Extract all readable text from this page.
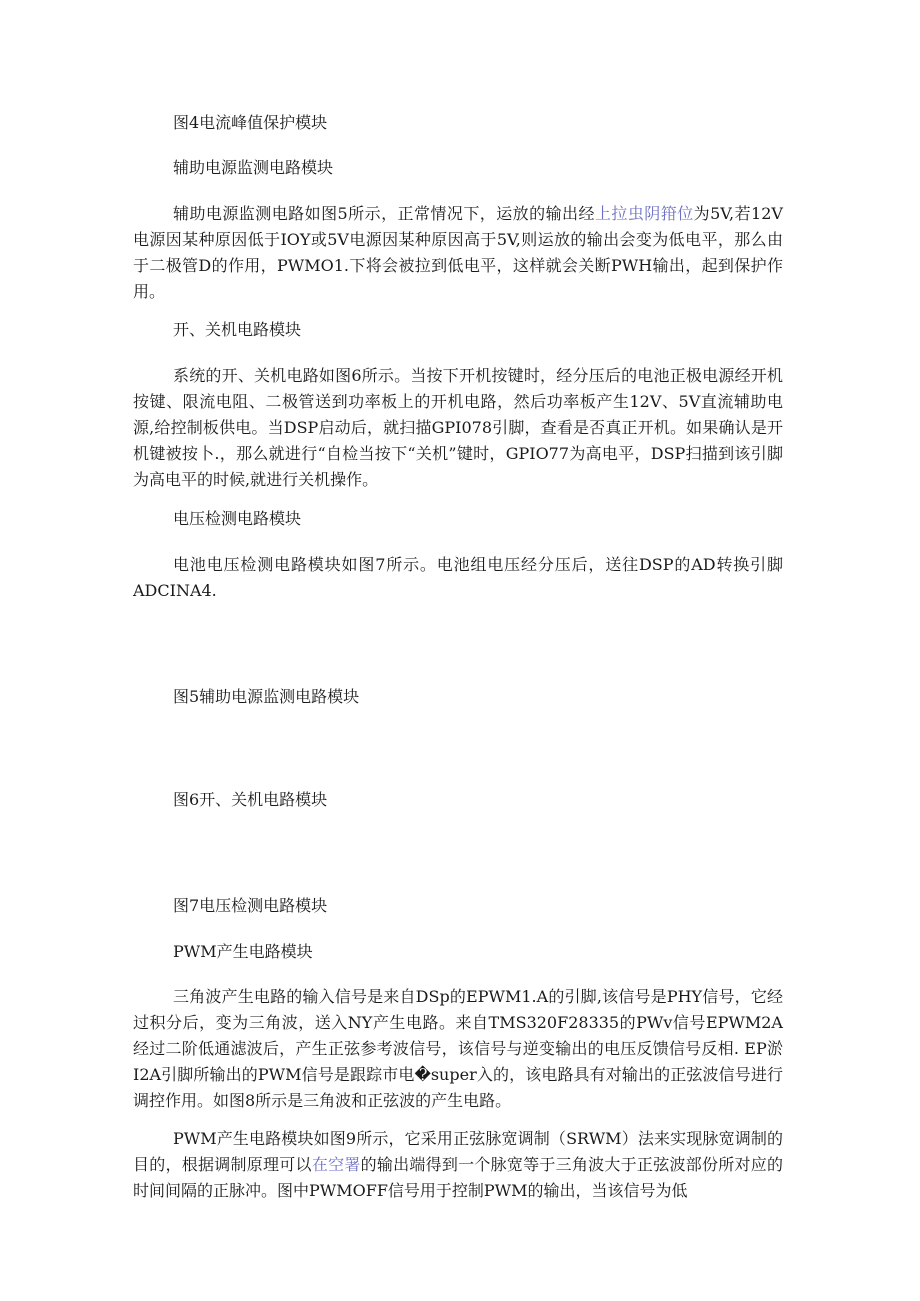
图4电流峰值保护模块

辅助电源监测电路模块

辅助电源监测电路如图5所示，正常情况下，运放的输出经上拉虫阴箝位为5V,若12V电源因某种原因低于IOY或5V电源因某种原因高于5V,则运放的输出会变为低电平，那么由于二极管D的作用，PWMO1.下将会被拉到低电平，这样就会关断PWH输出，起到保护作用。

开、关机电路模块

系统的开、关机电路如图6所示。当按下开机按键时，经分压后的电池正极电源经开机按键、限流电阻、二极管送到功率板上的开机电路，然后功率板产生12V、5V直流辅助电源,给控制板供电。当DSP启动后，就扫描GPI078引脚，查看是否真正开机。如果确认是开机键被按卜.，那么就进行“自检当按下“关机”键时，GPIO77为高电平，DSP扫描到该引脚为高电平的时候,就进行关机操作。

电压检测电路模块

电池电压检测电路模块如图7所示。电池组电压经分压后，送往DSP的AD转换引脚ADCINA4.

图5辅助电源监测电路模块

图6开、关机电路模块

图7电压检测电路模块

PWM产生电路模块

三角波产生电路的输入信号是来自DSp的EPWM1.A的引脚,该信号是PHY信号，它经过积分后，变为三角波，送入NY产生电路。来自TMS320F28335的PWv信号EPWM2A经过二阶低通滤波后，产生正弦参考波信号，该信号与逆变输出的电压反馈信号反相. EP淤I2A引脚所输出的PWM信号是跟踪市电�super入的，该电路具有对输出的正弦波信号进行调控作用。如图8所示是三角波和正弦波的产生电路。

PWM产生电路模块如图9所示，它采用正弦脉宽调制（SRWM）法来实现脉宽调制的目的，根据调制原理可以在空署的输出端得到一个脉宽等于三角波大于正弦波部份所对应的时间间隔的正脉冲。图中PWMOFF信号用于控制PWM的输出，当该信号为低
